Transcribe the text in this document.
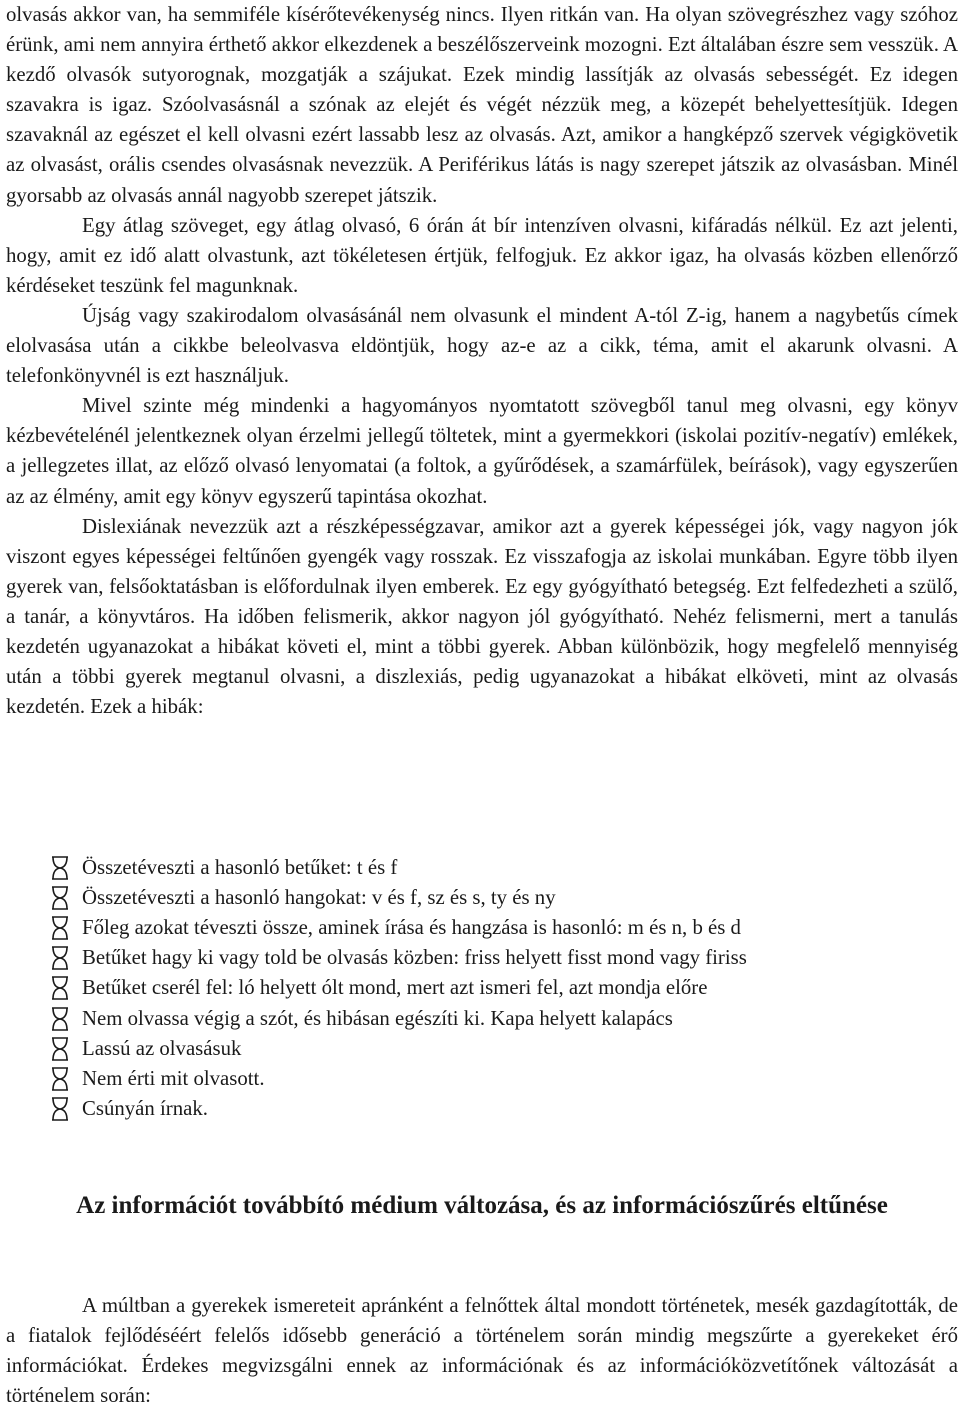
olvasás akkor van, ha semmiféle kísérőtevékenység nincs. Ilyen ritkán van. Ha olyan szövegrészhez vagy szóhoz érünk, ami nem annyira érthető akkor elkezdenek a beszélőszerveink mozogni. Ezt általában észre sem vesszük. A kezdő olvasók sutyorognak, mozgatják a szájukat. Ezek mindig lassítják az olvasás sebességét. Ez idegen szavakra is igaz. Szóolvasásnál a szónak az elejét és végét nézzük meg, a közepét behelyettesítjük. Idegen szavaknál az egészet el kell olvasni ezért lassabb lesz az olvasás. Azt, amikor a hangképző szervek végigkövetik az olvasást, orális csendes olvasásnak nevezzük. A Periférikus látás is nagy szerepet játszik az olvasásban. Minél gyorsabb az olvasás annál nagyobb szerepet játszik.

Egy átlag szöveget, egy átlag olvasó, 6 órán át bír intenzíven olvasni, kifáradás nélkül. Ez azt jelenti, hogy, amit ez idő alatt olvastunk, azt tökéletesen értjük, felfogjuk. Ez akkor igaz, ha olvasás közben ellenőrző kérdéseket teszünk fel magunknak.

Újság vagy szakirodalom olvasásánál nem olvasunk el mindent A-tól Z-ig, hanem a nagybetűs címek elolvasása után a cikkbe beleolvasva eldöntjük, hogy az-e az a cikk, téma, amit el akarunk olvasni. A telefonkönyvnél is ezt használjuk.

Mivel szinte még mindenki a hagyományos nyomtatott szövegből tanul meg olvasni, egy könyv kézbevételénél jelentkeznek olyan érzelmi jellegű töltetek, mint a gyermekkori (iskolai pozitív-negatív) emlékek, a jellegzetes illat, az előző olvasó lenyomatai (a foltok, a gyűrődések, a szamárfülek, beírások), vagy egyszerűen az az élmény, amit egy könyv egyszerű tapintása okozhat.

Dislexiának nevezzük azt a részképességzavar, amikor azt a gyerek képességei jók, vagy nagyon jók viszont egyes képességei feltűnően gyengék vagy rosszak. Ez visszafogja az iskolai munkában. Egyre több ilyen gyerek van, felsőoktatásban is előfordulnak ilyen emberek. Ez egy gyógyítható betegség. Ezt felfedezheti a szülő, a tanár, a könyvtáros. Ha időben felismerik, akkor nagyon jól gyógyítható. Nehéz felismerni, mert a tanulás kezdetén ugyanazokat a hibákat követi el, mint a többi gyerek. Abban különbözik, hogy megfelelő mennyiség után a többi gyerek megtanul olvasni, a diszlexiás, pedig ugyanazokat a hibákat elköveti, mint az olvasás kezdetén. Ezek a hibák:

Összetéveszti a hasonló betűket: t és f
Összetéveszti a hasonló hangokat: v és f, sz és s, ty és ny
Főleg azokat téveszti össze, aminek írása és hangzása is hasonló: m és n, b és d
Betűket hagy ki vagy told be olvasás közben: friss helyett fisst mond vagy firiss
Betűket cserél fel: ló helyett ólt mond, mert azt ismeri fel, azt mondja előre
Nem olvassa végig a szót, és hibásan egészíti ki. Kapa helyett kalapács
Lassú az olvasásuk
Nem érti mit olvasott.
Csúnyán írnak.
Az információt továbbító médium változása, és az információszűrés eltűnése

A múltban a gyerekek ismereteit apránként a felnőttek által mondott történetek, mesék gazdagították, de a fiatalok fejlődéséért felelős idősebb generáció a történelem során mindig megszűrte a gyerekeket érő információkat. Érdekes megvizsgálni ennek az információnak és az információközvetítőnek változását a történelem során:
